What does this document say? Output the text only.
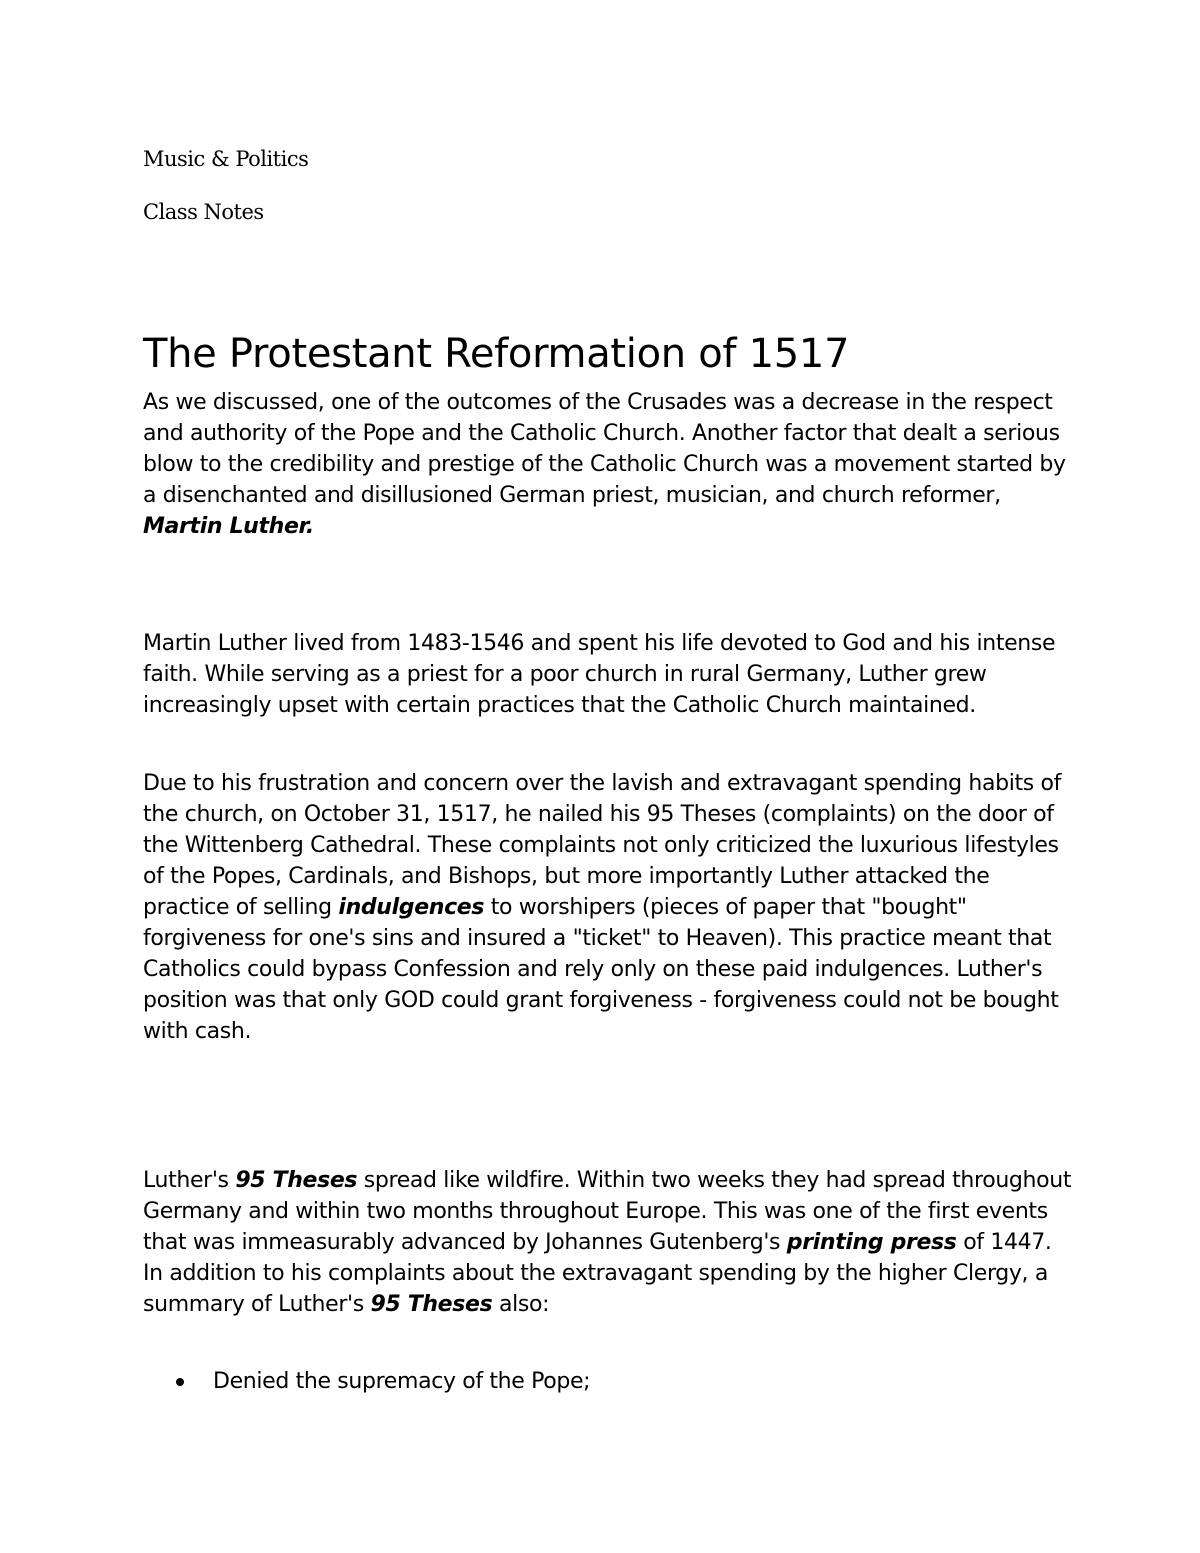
Music & Politics

Class Notes

The Protestant Reformation of 1517

As we discussed, one of the outcomes of the Crusades was a decrease in the respect and authority of the Pope and the Catholic Church. Another factor that dealt a serious blow to the credibility and prestige of the Catholic Church was a movement started by a disenchanted and disillusioned German priest, musician, and church reformer, Martin Luther.

Martin Luther lived from 1483-1546 and spent his life devoted to God and his intense faith. While serving as a priest for a poor church in rural Germany, Luther grew increasingly upset with certain practices that the Catholic Church maintained.

Due to his frustration and concern over the lavish and extravagant spending habits of the church, on October 31, 1517, he nailed his 95 Theses (complaints) on the door of the Wittenberg Cathedral. These complaints not only criticized the luxurious lifestyles of the Popes, Cardinals, and Bishops, but more importantly Luther attacked the practice of selling indulgences to worshipers (pieces of paper that "bought" forgiveness for one's sins and insured a "ticket" to Heaven). This practice meant that Catholics could bypass Confession and rely only on these paid indulgences. Luther's position was that only GOD could grant forgiveness - forgiveness could not be bought with cash.

Luther's 95 Theses spread like wildfire. Within two weeks they had spread throughout Germany and within two months throughout Europe. This was one of the first events that was immeasurably advanced by Johannes Gutenberg's printing press of 1447. In addition to his complaints about the extravagant spending by the higher Clergy, a summary of Luther's 95 Theses also:

Denied the supremacy of the Pope;
